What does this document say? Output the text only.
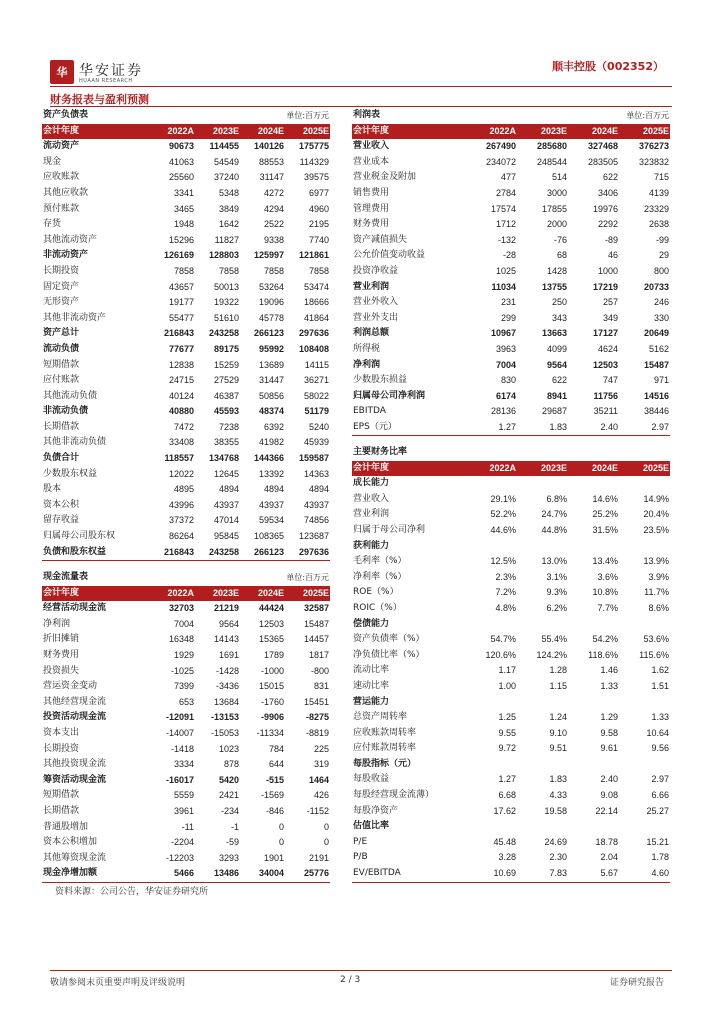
华 华安证券
HUAAN RESEARCH
顺丰控股（002352）
财务报表与盈利预测
资产负债表		单位:百万元		
会计年度	2022A	2023E	2024E	2025E
流动资产	90673	114455	140126	175775
现金	41063	54549	88553	114329
应收账款	25560	37240	31147	39575
其他应收款	3341	5348	4272	6977
预付账款	3465	3849	4294	4960
存货	1948	1642	2522	2195
其他流动资产	15296	11827	9338	7740
非流动资产	126169	128803	125997	121861
长期投资	7858	7858	7858	7858
固定资产	43657	50013	53264	53474
无形资产	19177	19322	19096	18666
其他非流动资产	55477	51610	45778	41864
资产总计	216843	243258	266123	297636
流动负债	77677	89175	95992	108408
短期借款	12838	15259	13689	14115
应付账款	24715	27529	31447	36271
其他流动负债	40124	46387	50856	58022
非流动负债	40880	45593	48374	51179
长期借款	7472	7238	6392	5240
其他非流动负债	33408	38355	41982	45939
负债合计	118557	134768	144366	159587
少数股东权益	12022	12645	13392	14363
股本	4895	4894	4894	4894
资本公积	43996	43937	43937	43937
留存收益	37372	47014	59534	74856
归属母公司股东权	86264	95845	108365	123687
负债和股东权益	216843	243258	266123	297636
利润表		单位:百万元		
会计年度	2022A	2023E	2024E	2025E
营业收入	267490	285680	327468	376273
营业成本	234072	248544	283505	323832
营业税金及附加	477	514	622	715
销售费用	2784	3000	3406	4139
管理费用	17574	17855	19976	23329
财务费用	1712	2000	2292	2638
资产减值损失	-132	-76	-89	-99
公允价值变动收益	-28	68	46	29
投资净收益	1025	1428	1000	800
营业利润	11034	13755	17219	20733
营业外收入	231	250	257	246
营业外支出	299	343	349	330
利润总额	10967	13663	17127	20649
所得税	3963	4099	4624	5162
净利润	7004	9564	12503	15487
少数股东损益	830	622	747	971
归属母公司净利润	6174	8941	11756	14516
EBITDA	28136	29687	35211	38446
EPS（元）	1.27	1.83	2.40	2.97
主要财务比率				
会计年度	2022A	2023E	2024E	2025E
成长能力				
营业收入	29.1%	6.8%	14.6%	14.9%
营业利润	52.2%	24.7%	25.2%	20.4%
归属于母公司净利	44.6%	44.8%	31.5%	23.5%
获利能力				
毛利率（%）	12.5%	13.0%	13.4%	13.9%
净利率（%）	2.3%	3.1%	3.6%	3.9%
ROE（%）	7.2%	9.3%	10.8%	11.7%
ROIC（%）	4.8%	6.2%	7.7%	8.6%
偿债能力				
资产负债率（%）	54.7%	55.4%	54.2%	53.6%
净负债比率（%）	120.6%	124.2%	118.6%	115.6%
流动比率	1.17	1.28	1.46	1.62
速动比率	1.00	1.15	1.33	1.51
营运能力				
总资产周转率	1.25	1.24	1.29	1.33
应收账款周转率	9.55	9.10	9.58	10.64
应付账款周转率	9.72	9.51	9.61	9.56
每股指标（元）				
每股收益	1.27	1.83	2.40	2.97
每股经营现金流薄）	6.68	4.33	9.08	6.66
每股净资产	17.62	19.58	22.14	25.27
估值比率				
P/E	45.48	24.69	18.78	15.21
P/B	3.28	2.30	2.04	1.78
EV/EBITDA	10.69	7.83	5.67	4.60
现金流量表		单位:百万元		
会计年度	2022A	2023E	2024E	2025E
经营活动现金流	32703	21219	44424	32587
净利润	7004	9564	12503	15487
折旧摊销	16348	14143	15365	14457
财务费用	1929	1691	1789	1817
投资损失	-1025	-1428	-1000	-800
营运资金变动	7399	-3436	15015	831
其他经营现金流	653	13684	-1760	15451
投资活动现金流	-12091	-13153	-9906	-8275
资本支出	-14007	-15053	-11334	-8819
长期投资	-1418	1023	784	225
其他投资现金流	3334	878	644	319
筹资活动现金流	-16017	5420	-515	1464
短期借款	5559	2421	-1569	426
长期借款	3961	-234	-846	-1152
普通股增加	-11	-1	0	0
资本公积增加	-2204	-59	0	0
其他筹资现金流	-12203	3293	1901	2191
现金净增加额	5466	13486	34004	25776
资料来源：公司公告，华安证券研究所
敬请参阅末页重要声明及评级说明	2 / 3	证券研究报告
